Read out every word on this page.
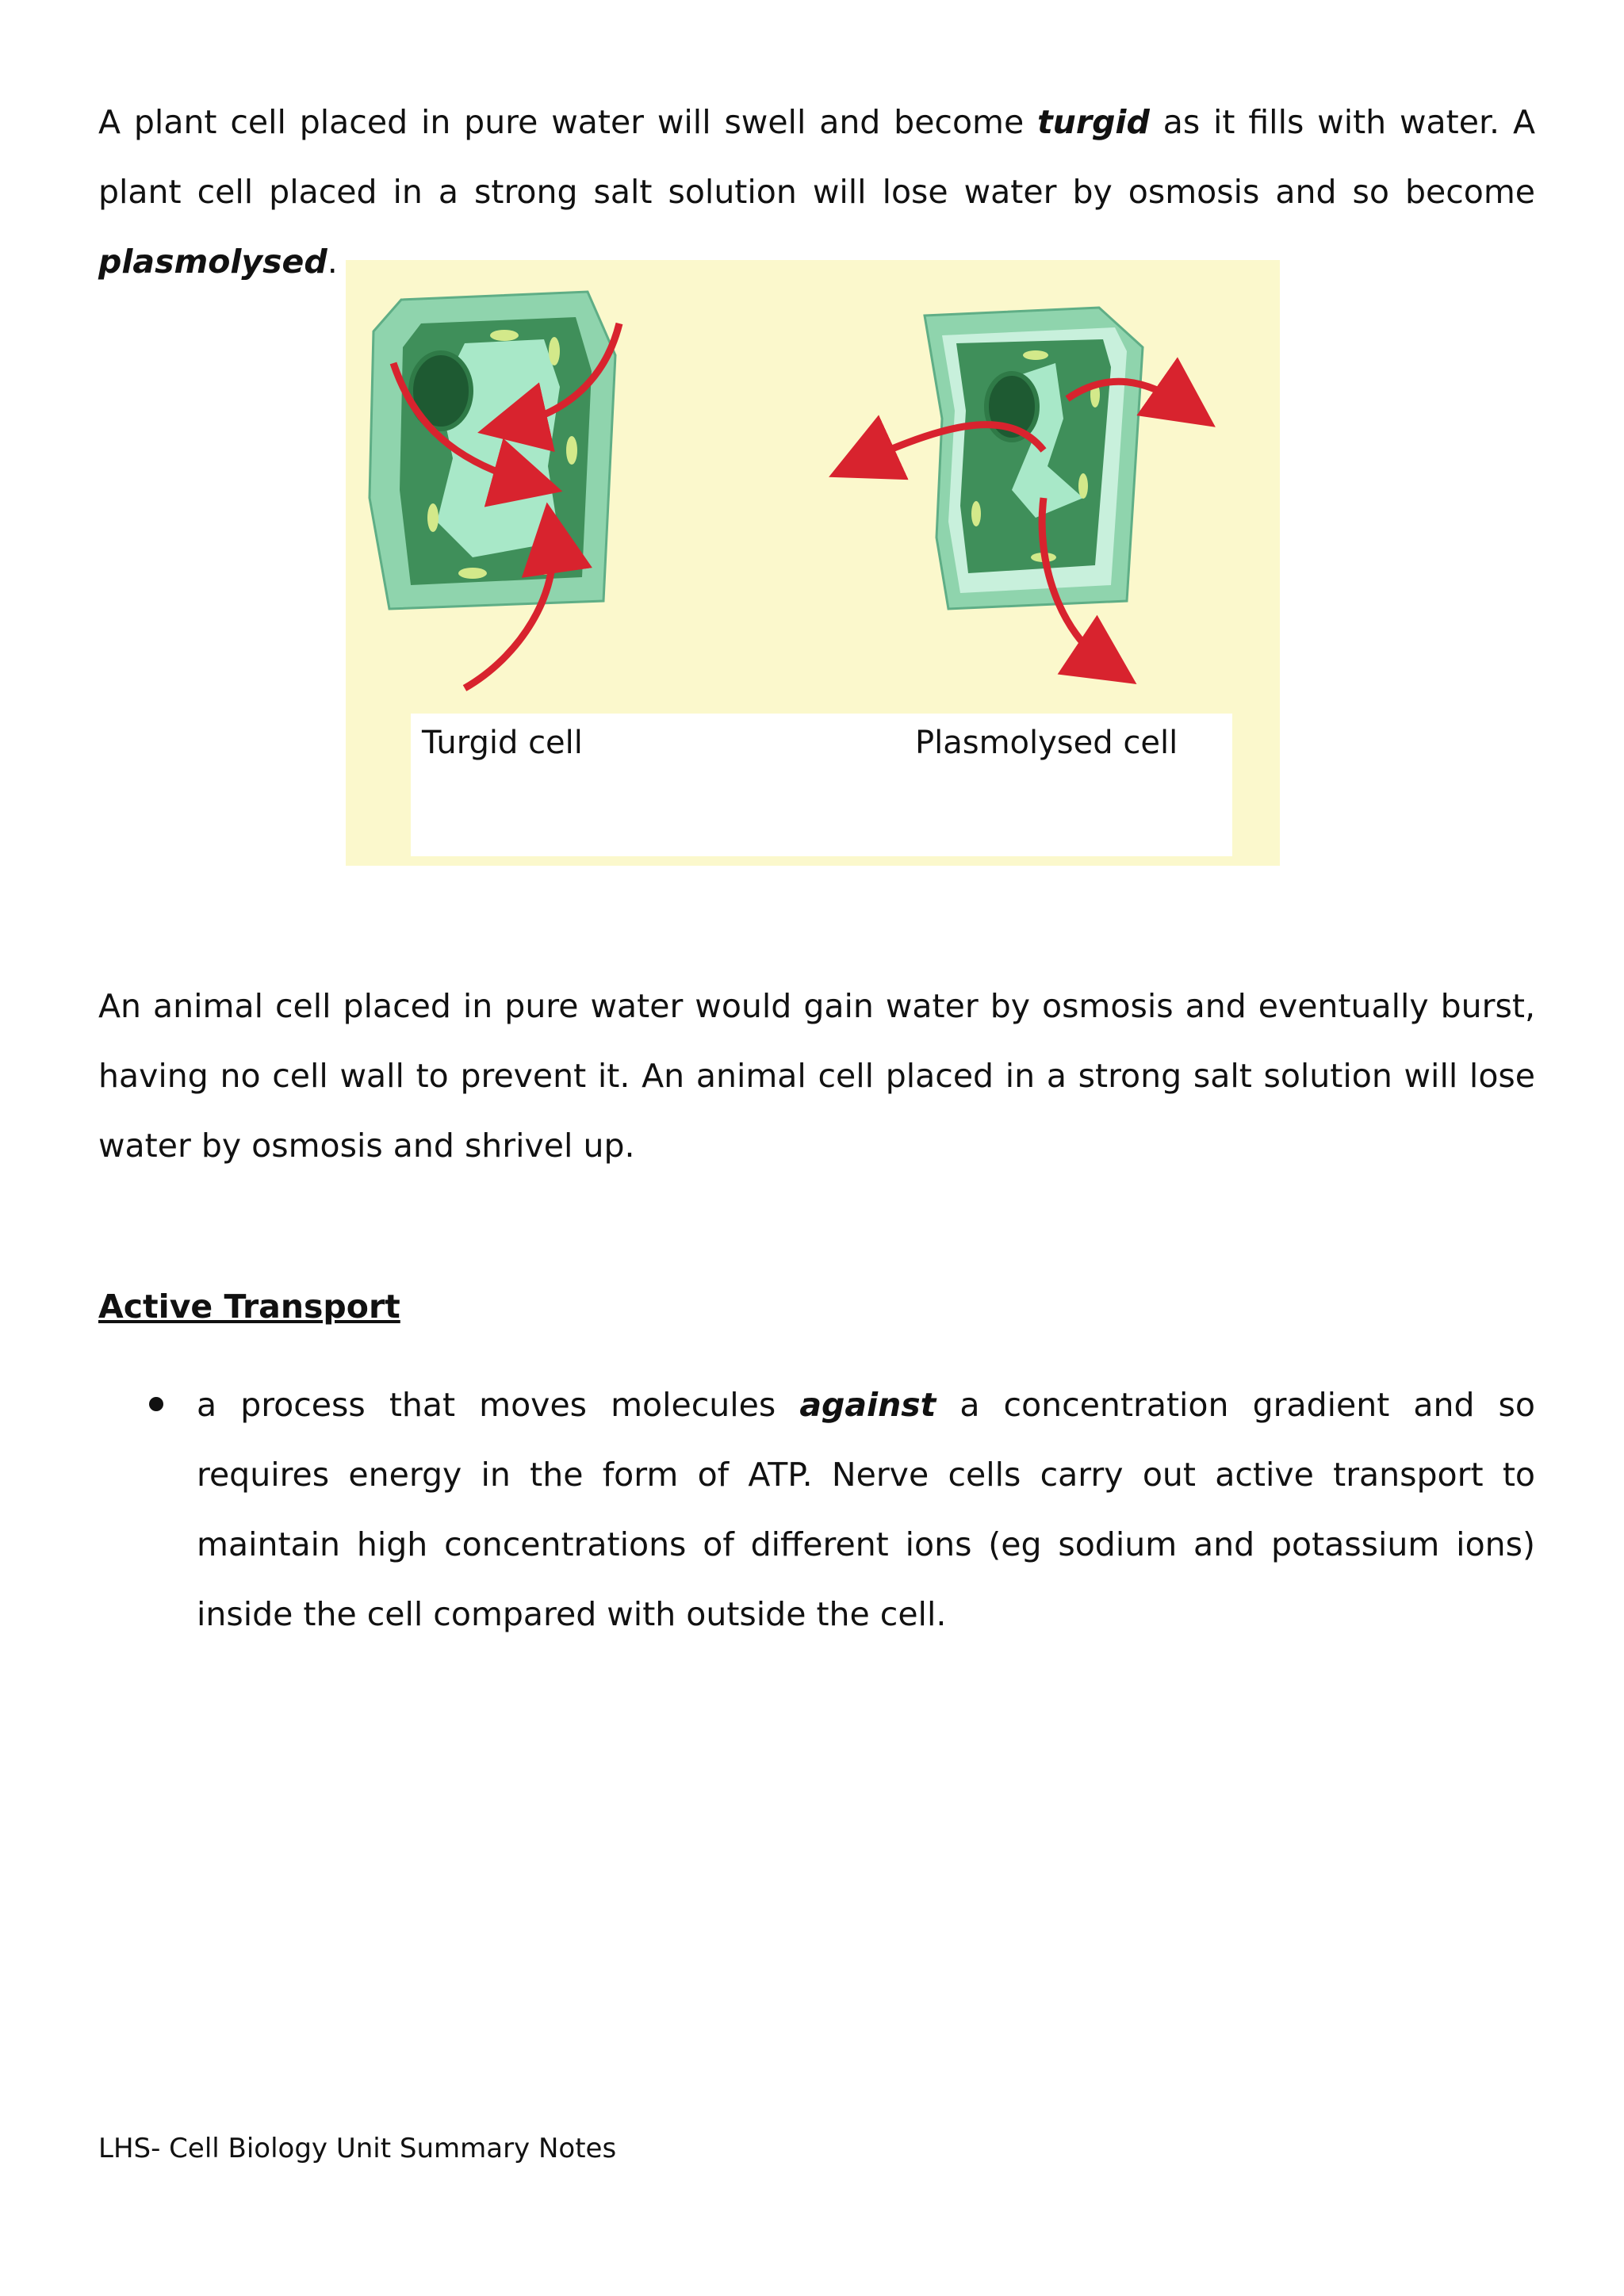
A plant cell placed in pure water will swell and become turgid as it fills with water. A plant cell placed in a strong salt solution will lose water by osmosis and so become plasmolysed.

Turgid cell	Plasmolysed cell

An animal cell placed in pure water would gain water by osmosis and eventually burst, having no cell wall to prevent it. An animal cell placed in a strong salt solution will lose water by osmosis and shrivel up.

Active Transport
a process that moves molecules against a concentration gradient and so requires energy in the form of ATP. Nerve cells carry out active transport to maintain high concentrations of different ions (eg sodium and potassium ions) inside the cell compared with outside the cell.

LHS- Cell Biology Unit Summary Notes
